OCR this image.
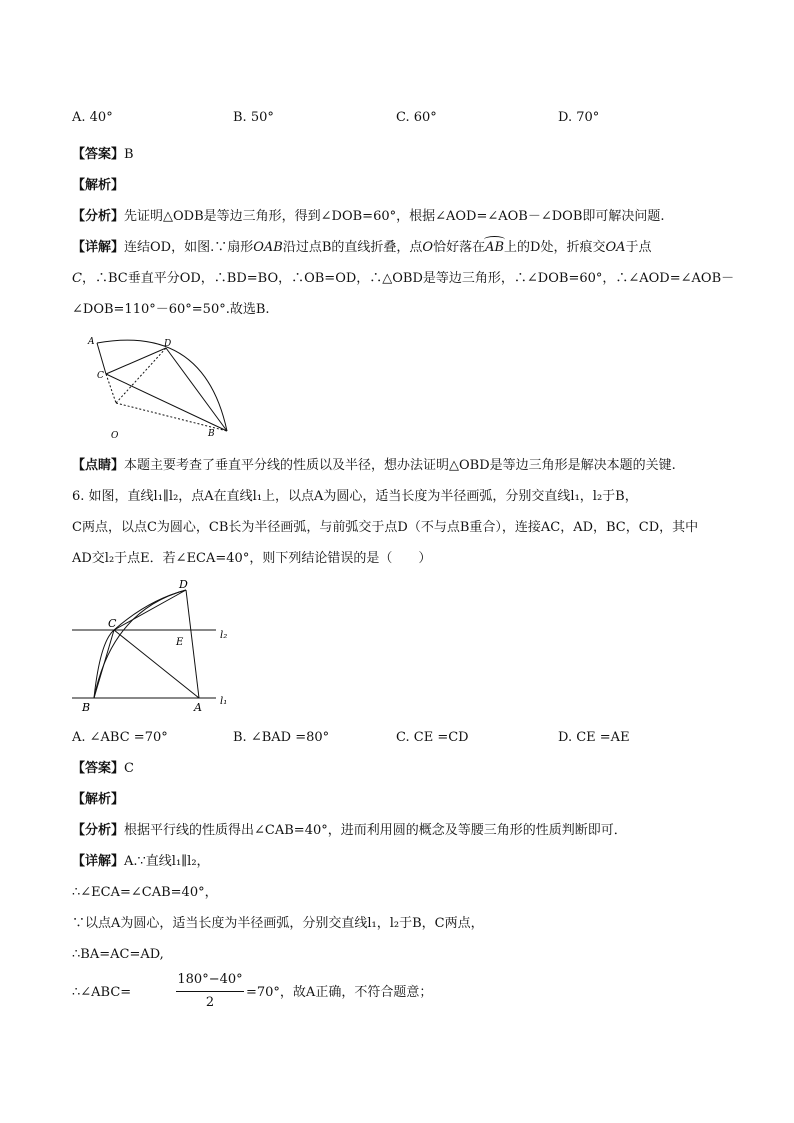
A. 40°	B. 50°	C. 60°	D. 70°
【答案】B
【解析】
【分析】先证明△ODB是等边三角形，得到∠DOB=60°，根据∠AOD=∠AOB－∠DOB即可解决问题.
【详解】连结OD，如图.∵扇形OAB沿过点B的直线折叠，点O恰好落在AB上的D处，折痕交OA于点
C，∴BC垂直平分OD，∴BD=BO，∴OB=OD，∴△OBD是等边三角形，∴∠DOB=60°，∴∠AOD=∠AOB－
∠DOB=110°－60°=50°.故选B.
A	D
C
O	B
【点睛】本题主要考查了垂直平分线的性质以及半径，想办法证明△OBD是等边三角形是解决本题的关键.
6. 如图，直线l₁∥l₂，点A在直线l₁上，以点A为圆心，适当长度为半径画弧，分别交直线l₁，l₂于B，
C两点，以点C为圆心，CB长为半径画弧，与前弧交于点D（不与点B重合），连接AC，AD，BC，CD，其中
AD交l₂于点E．若∠ECA=40°，则下列结论错误的是（　　）
D
C
E
l₂
B	A l₁
A. ∠ABC =70°	B. ∠BAD =80°	C. CE =CD	D. CE =AE
【答案】C
【解析】
【分析】根据平行线的性质得出∠CAB=40°，进而利用圆的概念及等腰三角形的性质判断即可．
【详解】A.∵直线l₁∥l₂，
∴∠ECA=∠CAB=40°，
∵以点A为圆心，适当长度为半径画弧，分别交直线l₁，l₂于B，C两点，
∴BA=AC=AD,
∴∠ABC=
180°−40°
2
=70°，故A正确，不符合题意；
